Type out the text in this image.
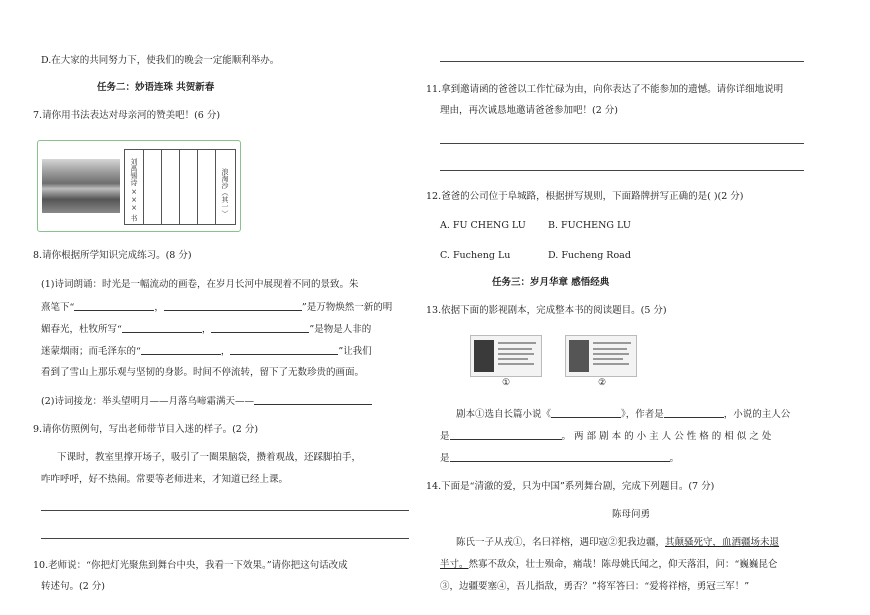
D.在大家的共同努力下，使我们的晚会一定能顺利举办。
任务二：妙语连珠 共贺新春
7.请你用书法表达对母亲河的赞美吧！(6 分)
刘禹锡诗 ××× 书	浪淘沙（其一）
8.请你根据所学知识完成练习。(8 分)
(1)诗词朗诵：时光是一幅流动的画卷，在岁月长河中展现着不同的景致。朱
熹笔下“	，	”是万物焕然一新的明
媚春光，杜牧所写“	，	”是物是人非的
迷蒙烟雨；而毛泽东的“	，	”让我们
看到了雪山上那乐观与坚韧的身影。时间不停流转，留下了无数珍贵的画面。
(2)诗词接龙：举头望明月——月落乌啼霜满天——
9.请你仿照例句，写出老师带节目入迷的样子。(2 分)
下课时，教室里撑开场子，吸引了一圈果脑袋，攒着观战，还踩脚拍手，
咋咋呼呼，好不热闹。常要等老师进来，才知道已经上课。
10.老师说：“你把灯光聚焦到舞台中央，我看一下效果。”请你把这句话改成
转述句。(2 分)
11.拿到邀请函的爸爸以工作忙碌为由，向你表达了不能参加的遗憾。请你详细地说明
理由，再次诚恳地邀请爸爸参加吧！(2 分)
12.爸爸的公司位于阜城路，根据拼写规则，下面路牌拼写正确的是( )(2 分)
A. FU CHENG LU B. FUCHENG LU
C. Fucheng Lu	D. Fucheng Road
任务三：岁月华章 感悟经典
13.依据下面的影视剧本，完成整本书的阅读题目。(5 分)
①	②
剧本①选自长篇小说《	》，作者是	，小说的主人公
是	。 两 部 剧 本 的 小 主 人 公 性 格 的 相 似 之 处
是	。
14.下面是“清澈的爱，只为中国”系列舞台剧，完成下列题目。(7 分)
陈母问勇
陈氏一子从戎①，名曰祥榕，遇印寇②犯我边疆，其颠骚死守，血洒疆场未退
半寸。然寡不敌众，壮士殒命，痛哉！陈母姚氏闻之，仰天落泪，问：“巍巍昆仑
③，边疆要塞④，吾儿指敌，勇否？”将军答曰：“爱将祥榕，勇冠三军！”
